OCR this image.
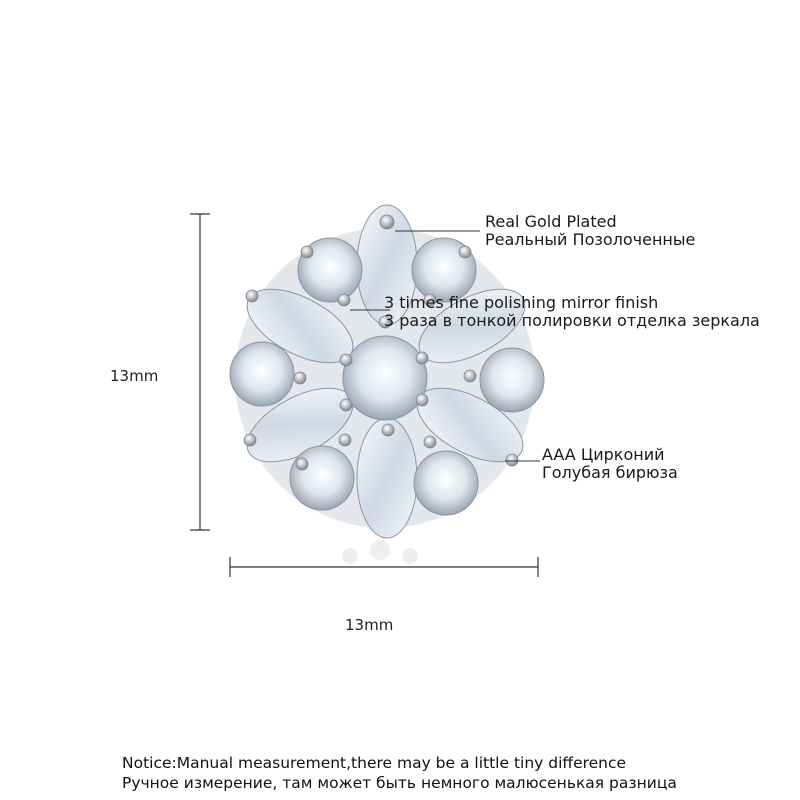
Real Gold Plated
Реальный Позолоченные
3 times fine polishing mirror finish
3 раза в тонкой полировки отделка зеркала
AAA Цирконий
Голубая бирюза
13mm
13mm
Notice:Manual measurement,there may be a little tiny difference
Ручное измерение, там может быть немного малюсенькая разница
